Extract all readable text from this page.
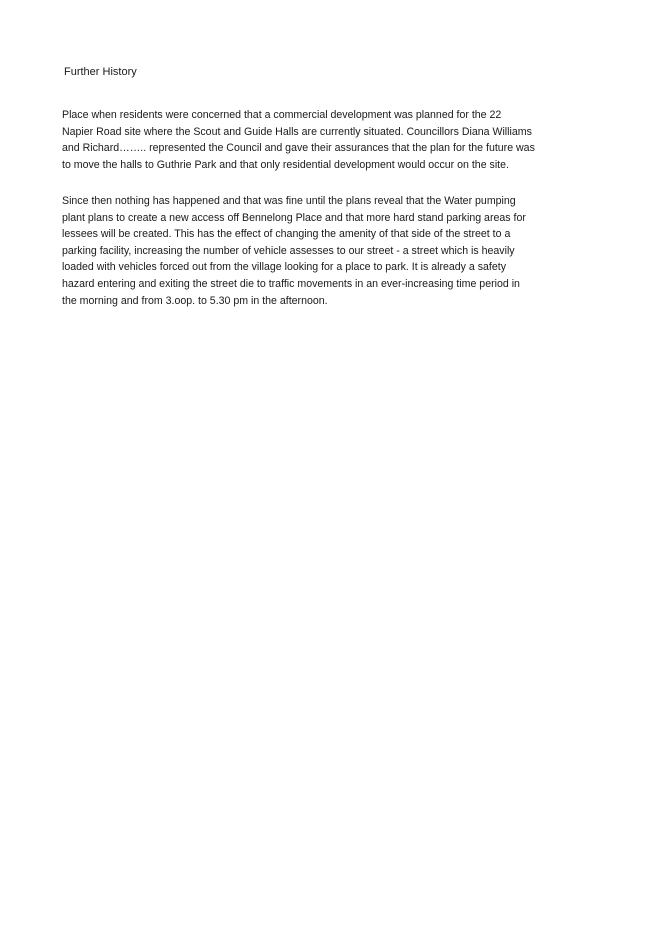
Further History
Place when residents were concerned that a commercial development was planned for the 22
Napier Road site where the Scout and Guide Halls are currently situated. Councillors Diana Williams
and Richard…….. represented the Council and gave their assurances that the plan for the future was
to move the halls to Guthrie Park and that only residential development would occur on the site.
Since then nothing has happened and that was fine until the plans reveal that the Water pumping
plant plans to create a new access off Bennelong Place and that more hard stand parking areas for
lessees will be created. This has the effect of changing the amenity of that side of the street to a
parking facility, increasing the number of vehicle assesses to our street - a street which is heavily
loaded with vehicles forced out from the village looking for a place to park. It is already a safety
hazard entering and exiting the street die to traffic movements in an ever-increasing time period in
the morning and from 3.oop. to 5.30 pm in the afternoon.
